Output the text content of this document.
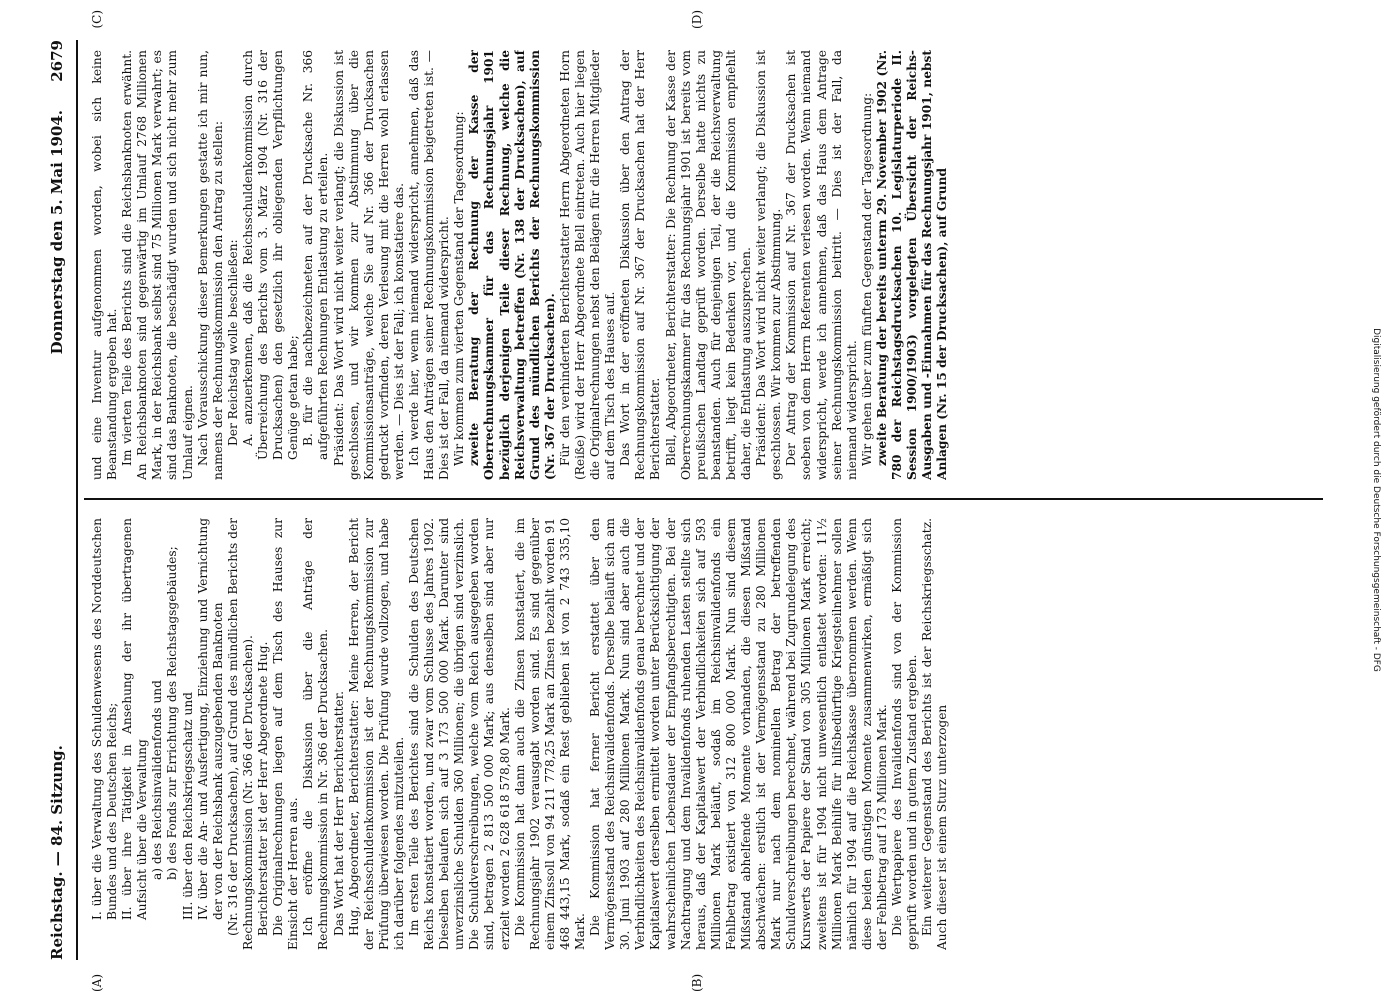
Reichstag. — 84. Sitzung.
Donnerstag den 5. Mai 1904.
2679
(A)	(B)
(C)	(D)
I. über die Verwaltung des Schuldenwesens des Norddeutschen Bundes und des Deutschen Reichs; II. über ihre Tätigkeit in Ansehung der ihr übertragenen Aufsicht über die Verwaltung a) des Reichsinvalidenfonds und b) des Fonds zur Errichtung des Reichstagsgebäudes; III. über den Reichskriegsschatz und IV. über die An- und Ausfertigung, Einziehung und Vernichtung der von der Reichsbank auszugebenden Banknoten (Nr. 316 der Drucksachen), auf Grund des mündlichen Berichts der Rechnungskommission (Nr. 366 der Drucksachen). Berichterstatter ist der Herr Abgeordnete Hug. Die Originalrechnungen liegen auf dem Tisch des Hauses zur Einsicht der Herren aus. Ich eröffne die Diskussion über die Anträge der Rechnungskommission in Nr. 366 der Drucksachen. Das Wort hat der Herr Berichterstatter. Hug, Abgeordneter, Berichterstatter: Meine Herren, der Bericht der Reichsschuldenkommission ist der Rechnungskommission zur Prüfung überwiesen worden. Die Prüfung wurde vollzogen, und habe ich darüber folgendes mitzuteilen. Im ersten Teile des Berichtes sind die Schulden des Deutschen Reichs konstatiert worden, und zwar vom Schlusse des Jahres 1902. Dieselben belaufen sich auf 3 173 500 000 Mark. Darunter sind unverzinsliche Schulden 360 Millionen; die übrigen sind verzinslich. Die Schuldverschreibungen, welche vom Reich ausgegeben worden sind, betragen 2 813 500 000 Mark; aus denselben sind aber nur erzielt worden 2 628 618 578,80 Mark. Die Kommission hat dann auch die Zinsen konstatiert, die im Rechnungsjahr 1902 verausgabt worden sind. Es sind gegenüber einem Zinssoll von 94 211 778,25 Mark an Zinsen bezahlt worden 91 468 443,15 Mark, sodaß ein Rest geblieben ist von 2 743 335,10 Mark. Die Kommission hat ferner Bericht erstattet über den Vermögensstand des Reichsinvalidenfonds. Derselbe beläuft sich am 30. Juni 1903 auf 280 Millionen Mark. Nun sind aber auch die Verbindlichkeiten des Reichsinvalidenfonds genau berechnet und der Kapitalswert derselben ermittelt worden unter Berücksichtigung der wahrscheinlichen Lebensdauer der Empfangsberechtigten. Bei der Nachtragung und dem Invalidenfonds ruhenden Lasten stellte sich heraus, daß der Kapitalswert der Verbindlichkeiten sich auf 593 Millionen Mark beläuft, sodaß im Reichsinvalidenfonds ein Fehlbetrag existiert von 312 800 000 Mark. Nun sind diesem Mißstand abhelfende Momente vorhanden, die diesen Mißstand abschwächen: erstlich ist der Vermögensstand zu 280 Millionen Mark nur nach dem nominellen Betrag der betreffenden Schuldverschreibungen berechnet, während bei Zugrundelegung des Kurswerts der Papiere der Stand von 305 Millionen Mark erreicht; zweitens ist für 1904 nicht unwesentlich entlastet worden: 11½ Millionen Mark Beihilfe für hilfsbedürftige Kriegsteilnehmer sollen nämlich für 1904 auf die Reichskasse übernommen werden. Wenn diese beiden günstigen Momente zusammenwirken, ermäßigt sich der Fehlbetrag auf 173 Millionen Mark. Die Wertpapiere des Invalidenfonds sind von der Kommission geprüft worden und in gutem Zustand ergeben. Ein weiterer Gegenstand des Berichts ist der Reichskriegsschatz. Auch dieser ist einem Sturz unterzogen

und eine Inventur aufgenommen worden, wobei sich keine Beanstandung ergeben hat. Im vierten Teile des Berichts sind die Reichsbanknoten erwähnt. An Reichsbanknoten sind gegenwärtig im Umlauf 2768 Millionen Mark, in der Reichsbank selbst sind 75 Millionen Mark verwahrt; es sind das Banknoten, die beschädigt wurden und sich nicht mehr zum Umlauf eignen. Nach Vorausschickung dieser Bemerkungen gestatte ich mir nun, namens der Rechnungskommission den Antrag zu stellen: Der Reichstag wolle beschließen: A. anzuerkennen, daß die Reichsschuldenkommission durch Überreichung des Berichts vom 3. März 1904 (Nr. 316 der Drucksachen) den gesetzlich ihr obliegenden Verpflichtungen Genüge getan habe; B. für die nachbezeichneten auf der Drucksache Nr. 366 aufgeführten Rechnungen Entlastung zu erteilen. Präsident: Das Wort wird nicht weiter verlangt; die Diskussion ist geschlossen, und wir kommen zur Abstimmung über die Kommissionsanträge, welche Sie auf Nr. 366 der Drucksachen gedruckt vorfinden, deren Verlesung mit die Herren wohl erlassen werden. — Dies ist der Fall; ich konstatiere das. Ich werde hier, wenn niemand widerspricht, annehmen, daß das Haus den Anträgen seiner Rechnungskommission beigetreten ist. — Dies ist der Fall, da niemand widerspricht. Wir kommen zum vierten Gegenstand der Tagesordnung: zweite Beratung der Rechnung der Kasse der Oberrechnungskammer für das Rechnungsjahr 1901 bezüglich derjenigen Teile dieser Rechnung, welche die Reichsverwaltung betreffen (Nr. 138 der Drucksachen), auf Grund des mündlichen Berichts der Rechnungskommission (Nr. 367 der Drucksachen). Für den verhinderten Berichterstatter Herrn Abgeordneten Horn (Reiße) wird der Herr Abgeordnete Blell eintreten. Auch hier liegen die Originalrechnungen nebst den Belägen für die Herren Mitglieder auf dem Tisch des Hauses auf. Das Wort in der eröffneten Diskussion über den Antrag der Rechnungskommission auf Nr. 367 der Drucksachen hat der Herr Berichterstatter. Blell, Abgeordneter, Berichterstatter: Die Rechnung der Kasse der Oberrechnungskammer für das Rechnungsjahr 1901 ist bereits vom preußischen Landtag geprüft worden. Derselbe hatte nichts zu beanstanden. Auch für denjenigen Teil, der die Reichsverwaltung betrifft, liegt kein Bedenken vor, und die Kommission empfiehlt daher, die Entlastung auszusprechen. Präsident: Das Wort wird nicht weiter verlangt; die Diskussion ist geschlossen. Wir kommen zur Abstimmung. Der Antrag der Kommission auf Nr. 367 der Drucksachen ist soeben von dem Herrn Referenten verlesen worden. Wenn niemand widerspricht, werde ich annehmen, daß das Haus dem Antrage seiner Rechnungskommission beitritt. — Dies ist der Fall, da niemand widerspricht. Wir gehen über zum fünften Gegenstand der Tagesordnung: zweite Beratung der bereits unterm 29. November 1902 (Nr. 780 der Reichstagsdrucksachen 10. Legislaturperiode II. Session 1900/1903) vorgelegten Übersicht der Reichs-Ausgaben und -Einnahmen für das Rechnungsjahr 1901, nebst Anlagen (Nr. 15 der Drucksachen), auf Grund

Digitalisierung gefördert durch die Deutsche Forschungsgemeinschaft - DFG
